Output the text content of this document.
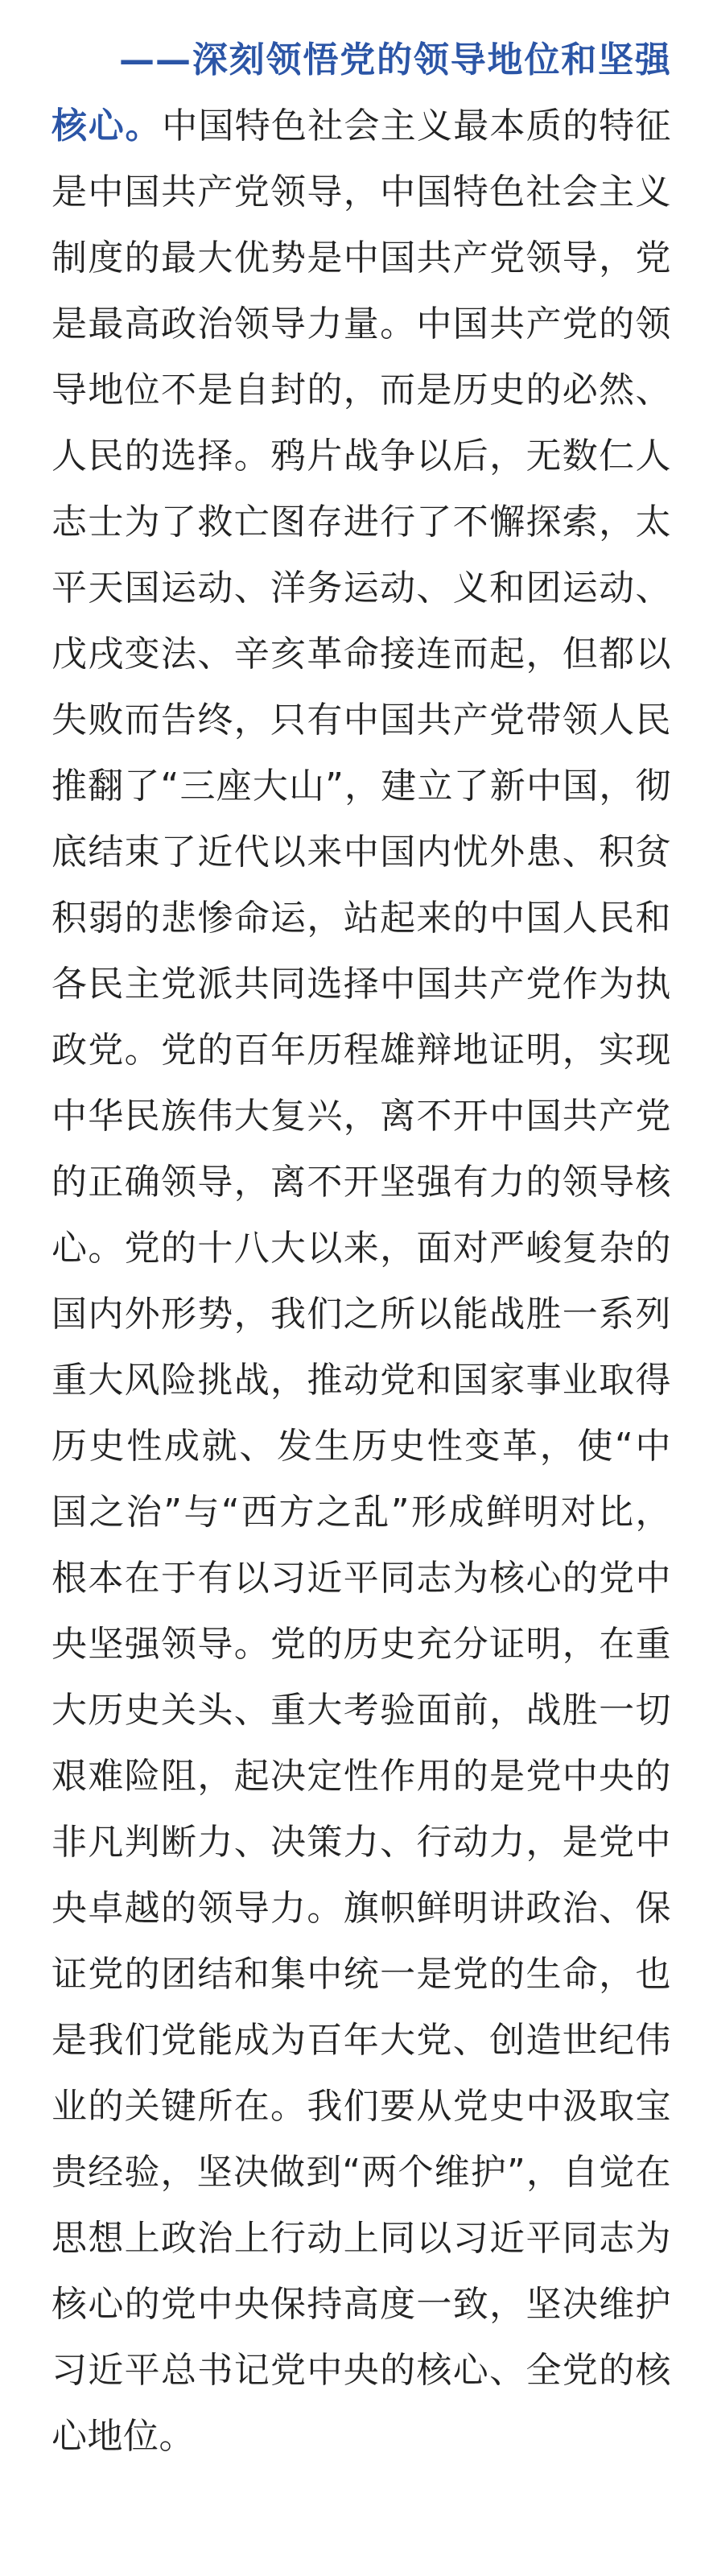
——深刻领悟党的领导地位和坚强核心。中国特色社会主义最本质的特征是中国共产党领导，中国特色社会主义制度的最大优势是中国共产党领导，党是最高政治领导力量。中国共产党的领导地位不是自封的，而是历史的必然、人民的选择。鸦片战争以后，无数仁人志士为了救亡图存进行了不懈探索，太平天国运动、洋务运动、义和团运动、戊戌变法、辛亥革命接连而起，但都以失败而告终，只有中国共产党带领人民推翻了“三座大山”，建立了新中国，彻底结束了近代以来中国内忧外患、积贫积弱的悲惨命运，站起来的中国人民和各民主党派共同选择中国共产党作为执政党。党的百年历程雄辩地证明，实现中华民族伟大复兴，离不开中国共产党的正确领导，离不开坚强有力的领导核心。党的十八大以来，面对严峻复杂的国内外形势，我们之所以能战胜一系列重大风险挑战，推动党和国家事业取得历史性成就、发生历史性变革，使“中国之治”与“西方之乱”形成鲜明对比，根本在于有以习近平同志为核心的党中央坚强领导。党的历史充分证明，在重大历史关头、重大考验面前，战胜一切艰难险阻，起决定性作用的是党中央的非凡判断力、决策力、行动力，是党中央卓越的领导力。旗帜鲜明讲政治、保证党的团结和集中统一是党的生命，也是我们党能成为百年大党、创造世纪伟业的关键所在。我们要从党史中汲取宝贵经验，坚决做到“两个维护”，自觉在思想上政治上行动上同以习近平同志为核心的党中央保持高度一致，坚决维护习近平总书记党中央的核心、全党的核心地位。
